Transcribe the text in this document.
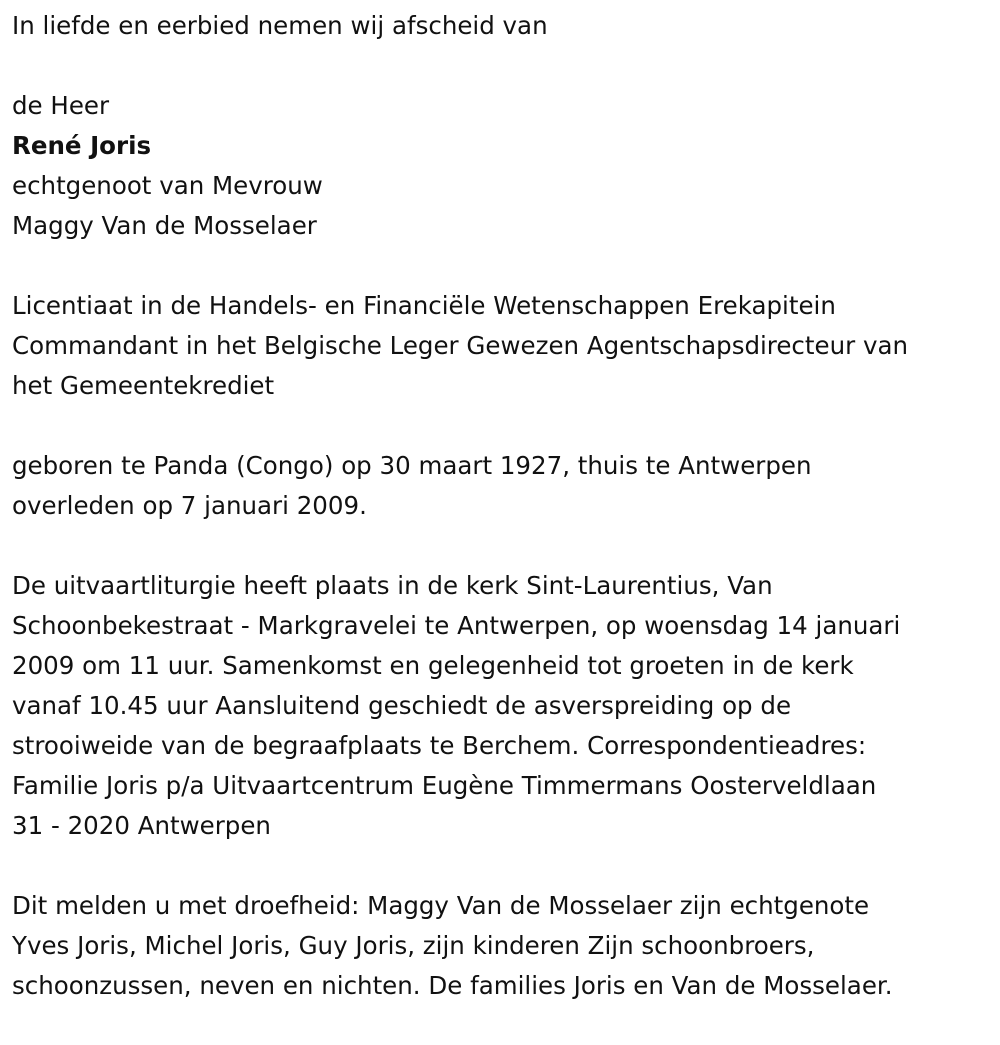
In liefde en eerbied nemen wij afscheid van

de Heer

René Joris

echtgenoot van Mevrouw

Maggy Van de Mosselaer

Licentiaat in de Handels- en Financiële Wetenschappen Erekapitein

Commandant in het Belgische Leger Gewezen Agentschapsdirecteur van

het Gemeentekrediet

geboren te Panda (Congo) op 30 maart 1927, thuis te Antwerpen

overleden op 7 januari 2009.

De uitvaartliturgie heeft plaats in de kerk Sint-Laurentius, Van

Schoonbekestraat - Markgravelei te Antwerpen, op woensdag 14 januari

2009 om 11 uur. Samenkomst en gelegenheid tot groeten in de kerk

vanaf 10.45 uur Aansluitend geschiedt de asverspreiding op de

strooiweide van de begraafplaats te Berchem. Correspondentieadres:

Familie Joris p/a Uitvaartcentrum Eugène Timmermans Oosterveldlaan

31 - 2020 Antwerpen

Dit melden u met droefheid: Maggy Van de Mosselaer zijn echtgenote

Yves Joris, Michel Joris, Guy Joris, zijn kinderen Zijn schoonbroers,

schoonzussen, neven en nichten. De families Joris en Van de Mosselaer.
